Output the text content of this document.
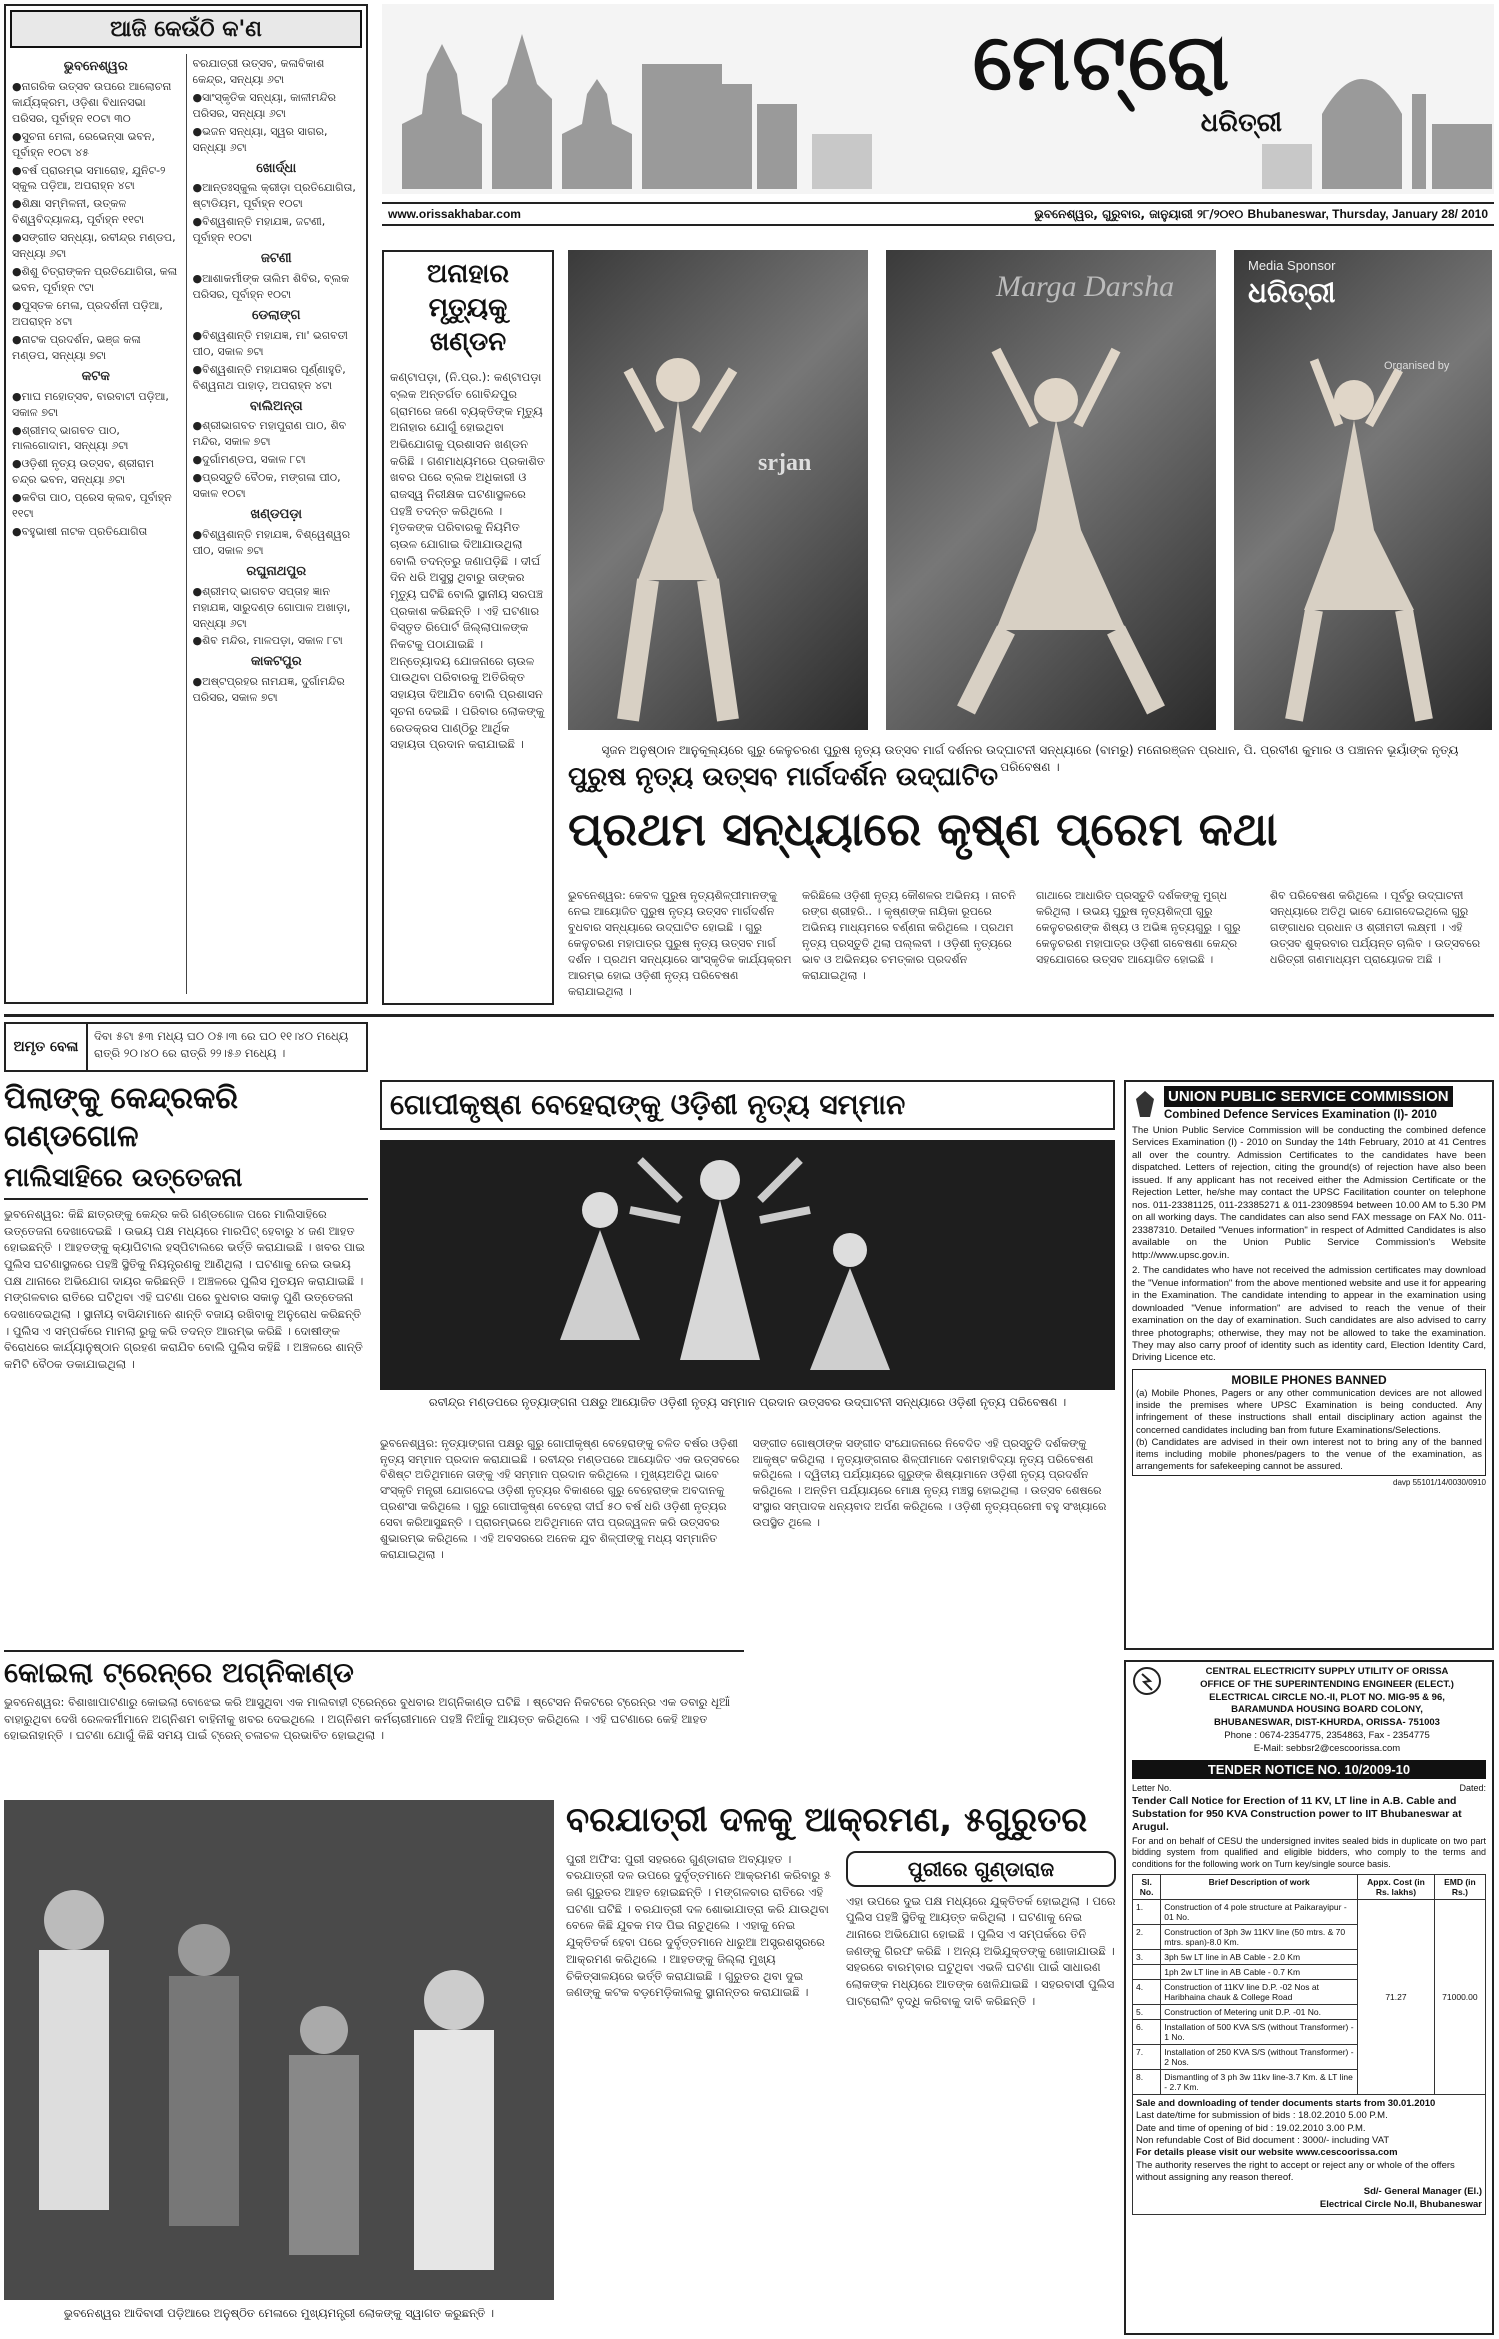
ଆଜି କେଉଁଠି କ'ଣ
ଭୁବନେଶ୍ୱର
●ନାଗରିକ ଉତ୍ସବ ଉପରେ ଆଲୋଚନା କାର୍ଯ୍ୟକ୍ରମ, ଓଡ଼ିଶା ବିଧାନସଭା ପରିସର, ପୂର୍ବାହ୍ନ ୧୦ଟା ୩୦
●ସୁଚନା ମେଳା, ରେଭେନ୍ସା ଭବନ, ପୂର୍ବାହ୍ନ ୧୦ଟା ୪୫
●ବର୍ଷ ପ୍ରାରମ୍ଭ ସମାରୋହ, ଯୁନିଟ-୨ ସ୍କୁଲ ପଡ଼ିଆ, ଅପରାହ୍ନ ୪ଟା
●ଶିକ୍ଷା ସମ୍ମିଳନୀ, ଉତ୍କଳ ବିଶ୍ୱବିଦ୍ୟାଳୟ, ପୂର୍ବାହ୍ନ ୧୧ଟା
●ସଙ୍ଗୀତ ସନ୍ଧ୍ୟା, ରବୀନ୍ଦ୍ର ମଣ୍ଡପ, ସନ୍ଧ୍ୟା ୬ଟା
●ଶିଶୁ ଚିତ୍ରାଙ୍କନ ପ୍ରତିଯୋଗିତା, କଳା ଭବନ, ପୂର୍ବାହ୍ନ ୯ଟା
●ପୁସ୍ତକ ମେଳା, ପ୍ରଦର୍ଶନୀ ପଡ଼ିଆ, ଅପରାହ୍ନ ୪ଟା
●ନାଟକ ପ୍ରଦର୍ଶନ, ଭଞ୍ଜ କଳା ମଣ୍ଡପ, ସନ୍ଧ୍ୟା ୭ଟା
କଟକ
●ମାଘ ମହୋତ୍ସବ, ବାରବାଟୀ ପଡ଼ିଆ, ସକାଳ ୭ଟା
●ଶ୍ରୀମଦ୍ ଭାଗବତ ପାଠ, ମାଲଗୋଦାମ, ସନ୍ଧ୍ୟା ୬ଟା
●ଓଡ଼ିଶୀ ନୃତ୍ୟ ଉତ୍ସବ, ଶ୍ରୀରାମ ଚନ୍ଦ୍ର ଭବନ, ସନ୍ଧ୍ୟା ୬ଟା
●କବିତା ପାଠ, ପ୍ରେସ କ୍ଲବ, ପୂର୍ବାହ୍ନ ୧୧ଟା
●ବହୁଭାଷୀ ନାଟକ ପ୍ରତିଯୋଗିତା
ବରଯାତ୍ରୀ ଉତ୍ସବ, କଳାବିକାଶ କେନ୍ଦ୍ର, ସନ୍ଧ୍ୟା ୬ଟା
●ସାଂସ୍କୃତିକ ସନ୍ଧ୍ୟା, କାଳୀମନ୍ଦିର ପରିସର, ସନ୍ଧ୍ୟା ୬ଟା
●ଭଜନ ସନ୍ଧ୍ୟା, ସ୍ୱର ସାଗର, ସନ୍ଧ୍ୟା ୬ଟା
ଖୋର୍ଦ୍ଧା
●ଆନ୍ତଃସ୍କୁଲ କ୍ରୀଡ଼ା ପ୍ରତିଯୋଗିତା, ଷ୍ଟାଡିୟମ, ପୂର୍ବାହ୍ନ ୧୦ଟା
●ବିଶ୍ୱଶାନ୍ତି ମହାଯଜ୍ଞ, ଜଟଣୀ, ପୂର୍ବାହ୍ନ ୧୦ଟା
ଜଟଣୀ
●ଆଶାକର୍ମୀଙ୍କ ତାଲିମ ଶିବିର, ବ୍ଲକ ପରିସର, ପୂର୍ବାହ୍ନ ୧୦ଟା
ଡେଲାଙ୍ଗ
●ବିଶ୍ୱଶାନ୍ତି ମହାଯଜ୍ଞ, ମା' ଭଗବତୀ ପୀଠ, ସକାଳ ୭ଟା
●ବିଶ୍ୱଶାନ୍ତି ମହାଯଜ୍ଞର ପୂର୍ଣ୍ଣାହୁତି, ବିଶ୍ୱନାଥ ପାହାଡ଼, ଅପରାହ୍ନ ୪ଟା
ବାଲିଅନ୍ତା
●ଶ୍ରୀଭାଗବତ ମହାପୁରାଣ ପାଠ, ଶିବ ମନ୍ଦିର, ସକାଳ ୭ଟା
●ଦୁର୍ଗାମଣ୍ଡପ, ସକାଳ ୮ଟା
●ପ୍ରସ୍ତୁତି ବୈଠକ, ମଙ୍ଗଳା ପୀଠ, ସକାଳ ୧୦ଟା
ଖଣ୍ଡପଡ଼ା
●ବିଶ୍ୱଶାନ୍ତି ମହାଯଜ୍ଞ, ବିଶ୍ୱେଶ୍ୱର ପୀଠ, ସକାଳ ୭ଟା
ରଘୁନାଥପୁର
●ଶ୍ରୀମଦ୍ ଭାଗବତ ସପ୍ତାହ ଜ୍ଞାନ ମହାଯଜ୍ଞ, ସାରୁଦଣ୍ଡ ଗୋପାଳ ଅଖାଡ଼ା, ସନ୍ଧ୍ୟା ୬ଟା
●ଶିବ ମନ୍ଦିର, ମାଳପଡ଼ା, ସକାଳ ୮ଟା
କାକଟପୁର
●ଅଷ୍ଟପ୍ରହର ନାମଯଜ୍ଞ, ଦୁର୍ଗାମନ୍ଦିର ପରିସର, ସକାଳ ୭ଟା
ଅମୃତ ବେଳା
ଦିବା ୫ଟା ୫୩ ମଧ୍ୟ ଘ୦ ୦୫।୩ ରେ ଘ୦ ୧୧।୪୦ ମଧ୍ୟେ ରାତ୍ରି ୨୦।୪୦ ରେ ରାତ୍ରି ୨୨।୫୬ ମଧ୍ୟେ ।
ମେଟ୍ରୋ
ଧରିତ୍ରୀ
www.orissakhabar.com	ଭୁବନେଶ୍ୱର, ଗୁରୁବାର, ଜାନୁୟାରୀ ୨୮/୨୦୧୦ Bhubaneswar, Thursday, January 28/ 2010
ଅନାହାର ମୃତ୍ୟୁକୁ ଖଣ୍ଡନ
କଣ୍ଟାପଡ଼ା, (ନି.ପ୍ର.): କଣ୍ଟାପଡ଼ା ବ୍ଲକ ଅନ୍ତର୍ଗତ ଗୋବିନ୍ଦପୁର ଗ୍ରାମରେ ଜଣେ ବ୍ୟକ୍ତିଙ୍କ ମୃତ୍ୟୁ ଅନାହାର ଯୋଗୁଁ ହୋଇଥିବା ଅଭିଯୋଗକୁ ପ୍ରଶାସନ ଖଣ୍ଡନ କରିଛି । ଗଣମାଧ୍ୟମରେ ପ୍ରକାଶିତ ଖବର ପରେ ବ୍ଲକ ଅଧିକାରୀ ଓ ରାଜସ୍ୱ ନିରୀକ୍ଷକ ଘଟଣାସ୍ଥଳରେ ପହଞ୍ଚି ତଦନ୍ତ କରିଥିଲେ । ମୃତକଙ୍କ ପରିବାରକୁ ନିୟମିତ ଚାଉଳ ଯୋଗାଇ ଦିଆଯାଉଥିଲା ବୋଲି ତଦନ୍ତରୁ ଜଣାପଡ଼ିଛି । ଦୀର୍ଘ ଦିନ ଧରି ଅସୁସ୍ଥ ଥିବାରୁ ତାଙ୍କର ମୃତ୍ୟୁ ଘଟିଛି ବୋଲି ସ୍ଥାନୀୟ ସରପଞ୍ଚ ପ୍ରକାଶ କରିଛନ୍ତି । ଏହି ଘଟଣାର ବିସ୍ତୃତ ରିପୋର୍ଟ ଜିଲ୍ଲାପାଳଙ୍କ ନିକଟକୁ ପଠାଯାଇଛି । ଅନ୍ତ୍ୟୋଦୟ ଯୋଜନାରେ ଚାଉଳ ପାଉଥିବା ପରିବାରକୁ ଅତିରିକ୍ତ ସହାୟତା ଦିଆଯିବ ବୋଲି ପ୍ରଶାସନ ସୂଚନା ଦେଇଛି । ପରିବାର ଲୋକଙ୍କୁ ରେଡକ୍ରସ ପାଣ୍ଠିରୁ ଆର୍ଥିକ ସହାୟତା ପ୍ରଦାନ କରାଯାଇଛି ।
srjan
Marga Darsha
Media Sponsor
ଧରିତ୍ରୀ
Organised by
ସୃଜନ ଅନୁଷ୍ଠାନ ଆନୁକୂଲ୍ୟରେ ଗୁରୁ କେଳୁଚରଣ ପୁରୁଷ ନୃତ୍ୟ ଉତ୍ସବ ମାର୍ଗ ଦର୍ଶନର ଉଦ୍‌ଘାଟନୀ ସନ୍ଧ୍ୟାରେ (ବାମରୁ) ମନୋରଞ୍ଜନ ପ୍ରଧାନ, ପି. ପ୍ରବୀଣ କୁମାର ଓ ପଞ୍ଚାନନ ଭୂୟାଁଙ୍କ ନୃତ୍ୟ ପରିବେଷଣ ।
ପୁରୁଷ ନୃତ୍ୟ ଉତ୍ସବ ମାର୍ଗଦର୍ଶନ ଉଦ୍‌ଘାଟିତ
ପ୍ରଥମ ସନ୍ଧ୍ୟାରେ କୃଷ୍ଣ ପ୍ରେମ କଥା
ଭୁବନେଶ୍ୱର: କେବଳ ପୁରୁଷ ନୃତ୍ୟଶିଳ୍ପୀମାନଙ୍କୁ ନେଇ ଆୟୋଜିତ ପୁରୁଷ ନୃତ୍ୟ ଉତ୍ସବ ମାର୍ଗଦର୍ଶନ ବୁଧବାର ସନ୍ଧ୍ୟାରେ ଉଦ୍‌ଘାଟିତ ହୋଇଛି । ଗୁରୁ କେଳୁଚରଣ ମହାପାତ୍ର ପୁରୁଷ ନୃତ୍ୟ ଉତ୍ସବ ମାର୍ଗ ଦର୍ଶନ । ପ୍ରଥମ ସନ୍ଧ୍ୟାରେ ସାଂସ୍କୃତିକ କାର୍ଯ୍ୟକ୍ରମ ଆରମ୍ଭ ହୋଇ ଓଡ଼ିଶୀ ନୃତ୍ୟ ପରିବେଷଣ କରାଯାଇଥିଲା ।
କରିଛିଲେ ଓଡ଼ିଶୀ ନୃତ୍ୟ କୌଶଳର ଅଭିନୟ । ନାଚନି ରଙ୍ଗ ଶ୍ରୀହରି.. । କୃଷ୍ଣଙ୍କ ନାୟିକା ରୂପରେ ଅଭିନୟ ମାଧ୍ୟମରେ ବର୍ଣ୍ଣନା କରିଥିଲେ । ପ୍ରଥମ ନୃତ୍ୟ ପ୍ରସ୍ତୁତି ଥିଲା ପଲ୍ଲବୀ । ଓଡ଼ିଶୀ ନୃତ୍ୟରେ ଭାବ ଓ ଅଭିନୟର ଚମତ୍କାର ପ୍ରଦର୍ଶନ କରାଯାଇଥିଲା ।
ଗାଥାରେ ଆଧାରିତ ପ୍ରସ୍ତୁତି ଦର୍ଶକଙ୍କୁ ମୁଗ୍ଧ କରିଥିଲା । ଉଭୟ ପୁରୁଷ ନୃତ୍ୟଶିଳ୍ପୀ ଗୁରୁ କେଳୁଚରଣଙ୍କ ଶିଷ୍ୟ ଓ ଅଭିଜ୍ଞ ନୃତ୍ୟଗୁରୁ । ଗୁରୁ କେଳୁଚରଣ ମହାପାତ୍ର ଓଡ଼ିଶୀ ଗବେଷଣା କେନ୍ଦ୍ର ସହଯୋଗରେ ଉତ୍ସବ ଆୟୋଜିତ ହୋଇଛି ।
ଶିବ ପରିବେଷଣ କରିଥିଲେ । ପୂର୍ବରୁ ଉଦ୍‌ଘାଟନୀ ସନ୍ଧ୍ୟାରେ ଅତିଥି ଭାବେ ଯୋଗଦେଇଥିଲେ ଗୁରୁ ଗଙ୍ଗାଧର ପ୍ରଧାନ ଓ ଶ୍ରୀମତୀ ଲକ୍ଷ୍ମୀ । ଏହି ଉତ୍ସବ ଶୁକ୍ରବାର ପର୍ଯ୍ୟନ୍ତ ଚାଲିବ । ଉତ୍ସବରେ ଧରିତ୍ରୀ ଗଣମାଧ୍ୟମ ପ୍ରାୟୋଜକ ଅଛି ।
ପିଲାଙ୍କୁ କେନ୍ଦ୍ରକରି ଗଣ୍ଡଗୋଳ
ମାଲିସାହିରେ ଉତ୍ତେଜନା
ଭୁବନେଶ୍ୱର: କିଛି ଛାତ୍ରଙ୍କୁ କେନ୍ଦ୍ର କରି ଗଣ୍ଡଗୋଳ ପରେ ମାଲିସାହିରେ ଉତ୍ତେଜନା ଦେଖାଦେଇଛି । ଉଭୟ ପକ୍ଷ ମଧ୍ୟରେ ମାରପିଟ୍ ହେବାରୁ ୪ ଜଣ ଆହତ ହୋଇଛନ୍ତି । ଆହତଙ୍କୁ କ୍ୟାପିଟାଲ ହସ୍ପିଟାଲରେ ଭର୍ତ୍ତି କରାଯାଇଛି । ଖବର ପାଇ ପୁଲିସ ଘଟଣାସ୍ଥଳରେ ପହଞ୍ଚି ସ୍ଥିତିକୁ ନିୟନ୍ତ୍ରଣକୁ ଆଣିଥିଲା । ଘଟଣାକୁ ନେଇ ଉଭୟ ପକ୍ଷ ଥାନାରେ ଅଭିଯୋଗ ଦାୟର କରିଛନ୍ତି । ଅଞ୍ଚଳରେ ପୁଲିସ ମୁତୟନ କରାଯାଇଛି । ମଙ୍ଗଳବାର ରାତିରେ ଘଟିଥିବା ଏହି ଘଟଣା ପରେ ବୁଧବାର ସକାଳୁ ପୁଣି ଉତ୍ତେଜନା ଦେଖାଦେଇଥିଲା । ସ୍ଥାନୀୟ ବାସିନ୍ଦାମାନେ ଶାନ୍ତି ବଜାୟ ରଖିବାକୁ ଅନୁରୋଧ କରିଛନ୍ତି । ପୁଲିସ ଏ ସମ୍ପର୍କରେ ମାମଲା ରୁଜୁ କରି ତଦନ୍ତ ଆରମ୍ଭ କରିଛି । ଦୋଷୀଙ୍କ ବିରୋଧରେ କାର୍ଯ୍ୟାନୁଷ୍ଠାନ ଗ୍ରହଣ କରାଯିବ ବୋଲି ପୁଲିସ କହିଛି । ଅଞ୍ଚଳରେ ଶାନ୍ତି କମିଟି ବୈଠକ ଡକାଯାଇଥିଲା ।
କୋଇଲା ଟ୍ରେନ୍‌ରେ ଅଗ୍ନିକାଣ୍ଡ
ଭୁବନେଶ୍ୱର: ବିଶାଖାପାଟଣାରୁ କୋଇଲା ବୋଝେଇ କରି ଆସୁଥିବା ଏକ ମାଲବାହୀ ଟ୍ରେନ୍‌ରେ ବୁଧବାର ଅଗ୍ନିକାଣ୍ଡ ଘଟିଛି । ଷ୍ଟେସନ ନିକଟରେ ଟ୍ରେନ୍‌ର ଏକ ଡବାରୁ ଧୂଆଁ ବାହାରୁଥିବା ଦେଖି ରେଳକର୍ମୀମାନେ ଅଗ୍ନିଶମ ବାହିନୀକୁ ଖବର ଦେଇଥିଲେ । ଅଗ୍ନିଶମ କର୍ମଚାରୀମାନେ ପହଞ୍ଚି ନିଆଁକୁ ଆୟତ୍ତ କରିଥିଲେ । ଏହି ଘଟଣାରେ କେହି ଆହତ ହୋଇନାହାନ୍ତି । ଘଟଣା ଯୋଗୁଁ କିଛି ସମୟ ପାଇଁ ଟ୍ରେନ୍ ଚଳାଚଳ ପ୍ରଭାବିତ ହୋଇଥିଲା ।
ଗୋପୀକୃଷ୍ଣ ବେହେରାଙ୍କୁ ଓଡ଼ିଶୀ ନୃତ୍ୟ ସମ୍ମାନ
ରବୀନ୍ଦ୍ର ମଣ୍ଡପରେ ନୃତ୍ୟାଙ୍ଗନା ପକ୍ଷରୁ ଆୟୋଜିତ ଓଡ଼ିଶୀ ନୃତ୍ୟ ସମ୍ମାନ ପ୍ରଦାନ ଉତ୍ସବର ଉଦ୍‌ଘାଟନୀ ସନ୍ଧ୍ୟାରେ ଓଡ଼ିଶୀ ନୃତ୍ୟ ପରିବେଷଣ ।
ଭୁବନେଶ୍ୱର: ନୃତ୍ୟାଙ୍ଗନା ପକ୍ଷରୁ ଗୁରୁ ଗୋପୀକୃଷ୍ଣ ବେହେରାଙ୍କୁ ଚଳିତ ବର୍ଷର ଓଡ଼ିଶୀ ନୃତ୍ୟ ସମ୍ମାନ ପ୍ରଦାନ କରାଯାଇଛି । ରବୀନ୍ଦ୍ର ମଣ୍ଡପରେ ଆୟୋଜିତ ଏକ ଉତ୍ସବରେ ବିଶିଷ୍ଟ ଅତିଥିମାନେ ତାଙ୍କୁ ଏହି ସମ୍ମାନ ପ୍ରଦାନ କରିଥିଲେ । ମୁଖ୍ୟଅତିଥି ଭାବେ ସଂସ୍କୃତି ମନ୍ତ୍ରୀ ଯୋଗଦେଇ ଓଡ଼ିଶୀ ନୃତ୍ୟର ବିକାଶରେ ଗୁରୁ ବେହେରାଙ୍କ ଅବଦାନକୁ ପ୍ରଶଂସା କରିଥିଲେ । ଗୁରୁ ଗୋପୀକୃଷ୍ଣ ବେହେରା ଦୀର୍ଘ ୫୦ ବର୍ଷ ଧରି ଓଡ଼ିଶୀ ନୃତ୍ୟର ସେବା କରିଆସୁଛନ୍ତି । ପ୍ରାରମ୍ଭରେ ଅତିଥିମାନେ ଦୀପ ପ୍ରଜ୍ୱଳନ କରି ଉତ୍ସବର ଶୁଭାରମ୍ଭ କରିଥିଲେ । ଏହି ଅବସରରେ ଅନେକ ଯୁବ ଶିଳ୍ପୀଙ୍କୁ ମଧ୍ୟ ସମ୍ମାନିତ କରାଯାଇଥିଲା ।
ସଙ୍ଗୀତ ଗୋଷ୍ଠୀଙ୍କ ସଙ୍ଗୀତ ସଂଯୋଜନାରେ ନିବେଦିତ ଏହି ପ୍ରସ୍ତୁତି ଦର୍ଶକଙ୍କୁ ଆକୃଷ୍ଟ କରିଥିଲା । ନୃତ୍ୟାଙ୍ଗନାର ଶିଳ୍ପୀମାନେ ଦଶମହାବିଦ୍ୟା ନୃତ୍ୟ ପରିବେଷଣ କରିଥିଲେ । ଦ୍ୱିତୀୟ ପର୍ଯ୍ୟାୟରେ ଗୁରୁଙ୍କ ଶିଷ୍ୟାମାନେ ଓଡ଼ିଶୀ ନୃତ୍ୟ ପ୍ରଦର୍ଶନ କରିଥିଲେ । ଅନ୍ତିମ ପର୍ଯ୍ୟାୟରେ ମୋକ୍ଷ ନୃତ୍ୟ ମଞ୍ଚସ୍ଥ ହୋଇଥିଲା । ଉତ୍ସବ ଶେଷରେ ସଂସ୍ଥାର ସମ୍ପାଦକ ଧନ୍ୟବାଦ ଅର୍ପଣ କରିଥିଲେ । ଓଡ଼ିଶୀ ନୃତ୍ୟପ୍ରେମୀ ବହୁ ସଂଖ୍ୟାରେ ଉପସ୍ଥିତ ଥିଲେ ।
UNION PUBLIC SERVICE COMMISSION
Combined Defence Services Examination (I)- 2010
The Union Public Service Commission will be conducting the combined defence Services Examination (I) - 2010 on Sunday the 14th February, 2010 at 41 Centres all over the country. Admission Certificates to the candidates have been dispatched. Letters of rejection, citing the ground(s) of rejection have also been issued. If any applicant has not received either the Admission Certificate or the Rejection Letter, he/she may contact the UPSC Facilitation counter on telephone nos. 011-23381125, 011-23385271 & 011-23098594 between 10.00 AM to 5.30 PM on all working days. The candidates can also send FAX message on FAX No. 011-23387310. Detailed "Venues information" in respect of Admitted Candidates is also available on the Union Public Service Commission's Website http://www.upsc.gov.in.
2. The candidates who have not received the admission certificates may download the "Venue information" from the above mentioned website and use it for appearing in the Examination. The candidate intending to appear in the examination using downloaded "Venue information" are advised to reach the venue of their examination on the day of examination. Such candidates are also advised to carry three photographs; otherwise, they may not be allowed to take the examination. They may also carry proof of identity such as identity card, Election Identity Card, Driving Licence etc.
MOBILE PHONES BANNED
(a) Mobile Phones, Pagers or any other communication devices are not allowed inside the premises where UPSC Examination is being conducted. Any infringement of these instructions shall entail disciplinary action against the concerned candidates including ban from future Examinations/Selections.
(b) Candidates are advised in their own interest not to bring any of the banned items including mobile phones/pagers to the venue of the examination, as arrangements for safekeeping cannot be assured.
davp 55101/14/0030/0910
CENTRAL ELECTRICITY SUPPLY UTILITY OF ORISSA
OFFICE OF THE SUPERINTENDING ENGINEER (ELECT.)
ELECTRICAL CIRCLE NO.-II, PLOT NO. MIG-95 & 96,
BARAMUNDA HOUSING BOARD COLONY,
BHUBANESWAR, DIST-KHURDA, ORISSA- 751003
Phone : 0674-2354775, 2354863, Fax - 2354775
E-Mail: sebbsr2@cescoorissa.com
TENDER NOTICE NO. 10/2009-10
Letter No.	Dated:
Tender Call Notice for Erection of 11 KV, LT line in A.B. Cable and Substation for 950 KVA Construction power to IIT Bhubaneswar at Arugul.
For and on behalf of CESU the undersigned invites sealed bids in duplicate on two part bidding system from qualified and eligible bidders, who comply to the terms and conditions for the following work on Turn key/single source basis.
Sl. No.	Brief Description of work	Appx. Cost (in Rs. lakhs)	EMD (in Rs.)
1.	Construction of 4 pole structure at Paikarayipur - 01 No.	71.27	71000.00
2.	Construction of 3ph 3w 11KV line (50 mtrs. & 70 mtrs. span)-8.0 Km.		
3.	3ph 5w LT line in AB Cable - 2.0 Km		
	1ph 2w LT line in AB Cable - 0.7 Km		
4.	Construction of 11KV line D.P. -02 Nos at Haribhaina chauk & College Road		
5.	Construction of Metering unit D.P. -01 No.		
6.	Installation of 500 KVA S/S (without Transformer) - 1 No.		
7.	Installation of 250 KVA S/S (without Transformer) - 2 Nos.		
8.	Dismantling of 3 ph 3w 11kv line-3.7 Km. & LT line - 2.7 Km.		
Sale and downloading of tender documents starts from 30.01.2010
Last date/time for submission of bids : 18.02.2010 5.00 P.M.
Date and time of opening of bid : 19.02.2010 3.00 P.M.
Non refundable Cost of Bid document : 3000/- including VAT
For details please visit our website www.cescoorissa.com
The authority reserves the right to accept or reject any or whole of the offers without assigning any reason thereof.
Sd/- General Manager (El.)
Electrical Circle No.II, Bhubaneswar
ଭୁବନେଶ୍ୱର ଆଦିବାସୀ ପଡ଼ିଆରେ ଅନୁଷ୍ଠିତ ମେଳାରେ ମୁଖ୍ୟମନ୍ତ୍ରୀ ଲୋକଙ୍କୁ ସ୍ୱାଗତ କରୁଛନ୍ତି ।
ବରଯାତ୍ରୀ ଦଳକୁ ଆକ୍ରମଣ, ୫ଗୁରୁତର
ପୁରୀ ଅଫିସ: ପୁରୀ ସହରରେ ଗୁଣ୍ଡାରାଜ ଅବ୍ୟାହତ । ବରଯାତ୍ରୀ ଦଳ ଉପରେ ଦୁର୍ବୃତ୍ତମାନେ ଆକ୍ରମଣ କରିବାରୁ ୫ ଜଣ ଗୁରୁତର ଆହତ ହୋଇଛନ୍ତି । ମଙ୍ଗଳବାର ରାତିରେ ଏହି ଘଟଣା ଘଟିଛି । ବରଯାତ୍ରୀ ଦଳ ଶୋଭାଯାତ୍ରା କରି ଯାଉଥିବା ବେଳେ କିଛି ଯୁବକ ମଦ ପିଇ ନାଚୁଥିଲେ । ଏହାକୁ ନେଇ ଯୁକ୍ତିତର୍କ ହେବା ପରେ ଦୁର୍ବୃତ୍ତମାନେ ଧାରୁଆ ଅସ୍ତ୍ରଶସ୍ତ୍ରରେ ଆକ୍ରମଣ କରିଥିଲେ । ଆହତଙ୍କୁ ଜିଲ୍ଲା ମୁଖ୍ୟ ଚିକିତ୍ସାଳୟରେ ଭର୍ତ୍ତି କରାଯାଇଛି । ଗୁରୁତର ଥିବା ଦୁଇ ଜଣଙ୍କୁ କଟକ ବଡ଼ମେଡ଼ିକାଲକୁ ସ୍ଥାନାନ୍ତର କରାଯାଇଛି ।
ପୁରୀରେ ଗୁଣ୍ଡାରାଜ
ଏହା ଉପରେ ଦୁଇ ପକ୍ଷ ମଧ୍ୟରେ ଯୁକ୍ତିତର୍କ ହୋଇଥିଲା । ପରେ ପୁଲିସ ପହଞ୍ଚି ସ୍ଥିତିକୁ ଆୟତ୍ତ କରିଥିଲା । ଘଟଣାକୁ ନେଇ ଥାନାରେ ଅଭିଯୋଗ ହୋଇଛି । ପୁଲିସ ଏ ସମ୍ପର୍କରେ ତିନି ଜଣଙ୍କୁ ଗିରଫ କରିଛି । ଅନ୍ୟ ଅଭିଯୁକ୍ତଙ୍କୁ ଖୋଜାଯାଉଛି । ସହରରେ ବାରମ୍ବାର ଘଟୁଥିବା ଏଭଳି ଘଟଣା ପାଇଁ ସାଧାରଣ ଲୋକଙ୍କ ମଧ୍ୟରେ ଆତଙ୍କ ଖେଳିଯାଇଛି । ସହରବାସୀ ପୁଲିସ ପାଟ୍ରୋଲିଂ ବୃଦ୍ଧି କରିବାକୁ ଦାବି କରିଛନ୍ତି ।
